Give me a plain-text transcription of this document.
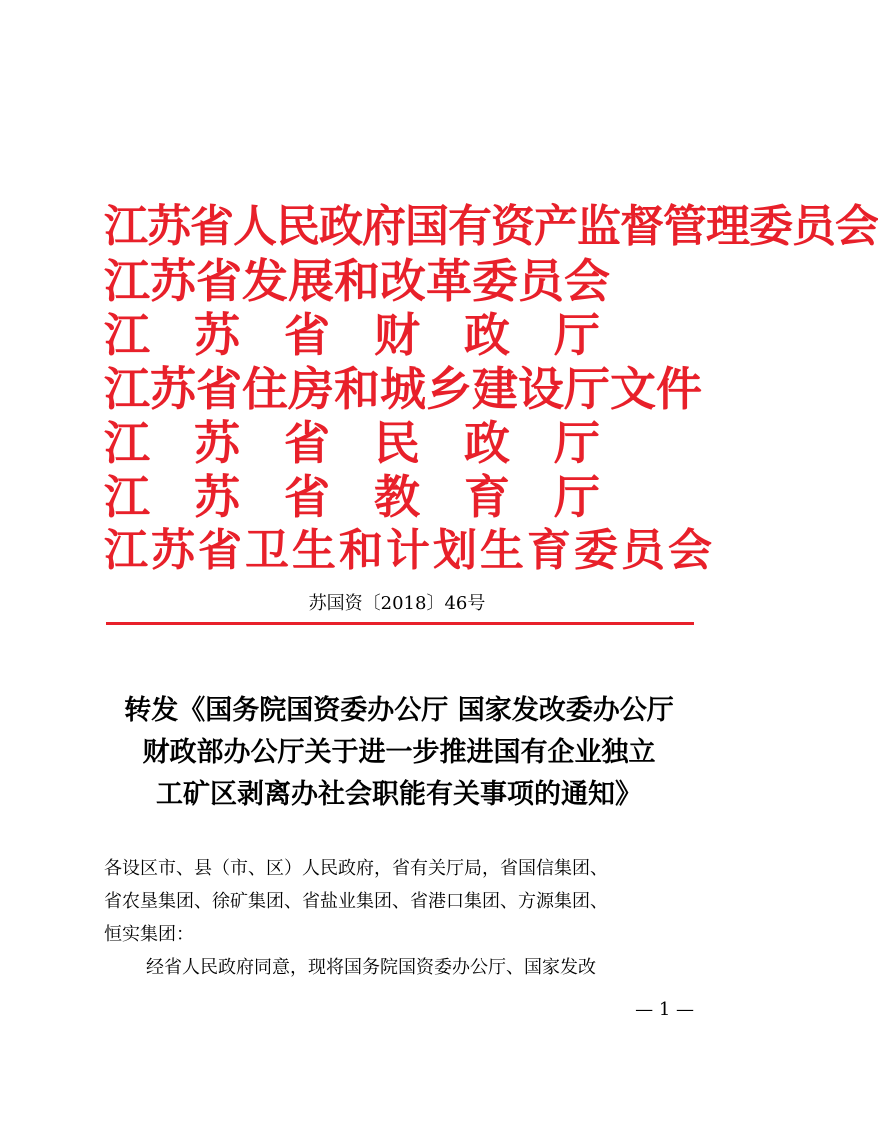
江苏省人民政府国有资产监督管理委员会
江 苏 省 发 展 和 改 革 委 员 会
江 苏 省 财 政 厅
江 苏 省 住 房 和 城 乡 建 设 厅 文 件
江 苏 省 民 政 厅
江 苏 省 教 育 厅
江苏省卫生和计划生育委员会
苏国资〔2018〕46号
转发《国务院国资委办公厅 国家发改委办公厅
财政部办公厅关于进一步推进国有企业独立
工矿区剥离办社会职能有关事项的通知》

各设区市、县（市、区）人民政府，省有关厅局，省国信集团、

省农垦集团、徐矿集团、省盐业集团、省港口集团、方源集团、

恒实集团：

经省人民政府同意，现将国务院国资委办公厅、国家发改

— 1 —
